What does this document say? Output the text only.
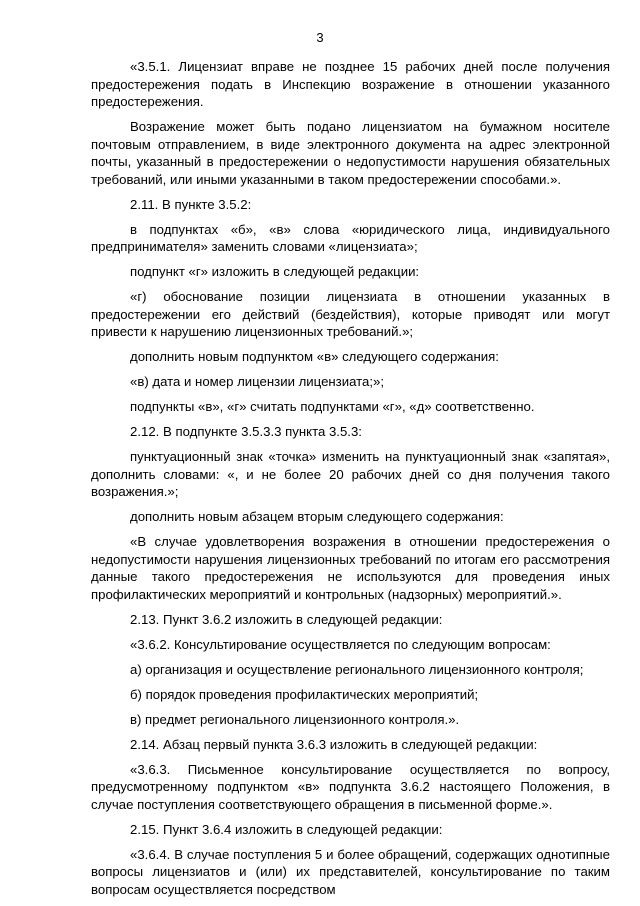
3

«3.5.1. Лицензиат вправе не позднее 15 рабочих дней после получения предостережения подать в Инспекцию возражение в отношении указанного предостережения.

Возражение может быть подано лицензиатом на бумажном носителе почтовым отправлением, в виде электронного документа на адрес электронной почты, указанный в предостережении о недопустимости нарушения обязательных требований, или иными указанными в таком предостережении способами.».

2.11. В пункте 3.5.2:

в подпунктах «б», «в» слова «юридического лица, индивидуального предпринимателя» заменить словами «лицензиата»;

подпункт «г» изложить в следующей редакции:

«г) обоснование позиции лицензиата в отношении указанных в предостережении его действий (бездействия), которые приводят или могут привести к нарушению лицензионных требований.»;

дополнить новым подпунктом «в» следующего содержания:

«в) дата и номер лицензии лицензиата;»;

подпункты «в», «г» считать подпунктами «г», «д» соответственно.

2.12. В подпункте 3.5.3.3 пункта 3.5.3:

пунктуационный знак «точка» изменить на пунктуационный знак «запятая», дополнить словами: «, и не более 20 рабочих дней со дня получения такого возражения.»;

дополнить новым абзацем вторым следующего содержания:

«В случае удовлетворения возражения в отношении предостережения о недопустимости нарушения лицензионных требований по итогам его рассмотрения данные такого предостережения не используются для проведения иных профилактических мероприятий и контрольных (надзорных) мероприятий.».

2.13. Пункт 3.6.2 изложить в следующей редакции:

«3.6.2. Консультирование осуществляется по следующим вопросам:

а) организация и осуществление регионального лицензионного контроля;

б) порядок проведения профилактических мероприятий;

в) предмет регионального лицензионного контроля.».

2.14. Абзац первый пункта 3.6.3 изложить в следующей редакции:

«3.6.3. Письменное консультирование осуществляется по вопросу, предусмотренному подпунктом «в» подпункта 3.6.2 настоящего Положения, в случае поступления соответствующего обращения в письменной форме.».

2.15. Пункт 3.6.4 изложить в следующей редакции:

«3.6.4. В случае поступления 5 и более обращений, содержащих однотипные вопросы лицензиатов и (или) их представителей, консультирование по таким вопросам осуществляется посредством
